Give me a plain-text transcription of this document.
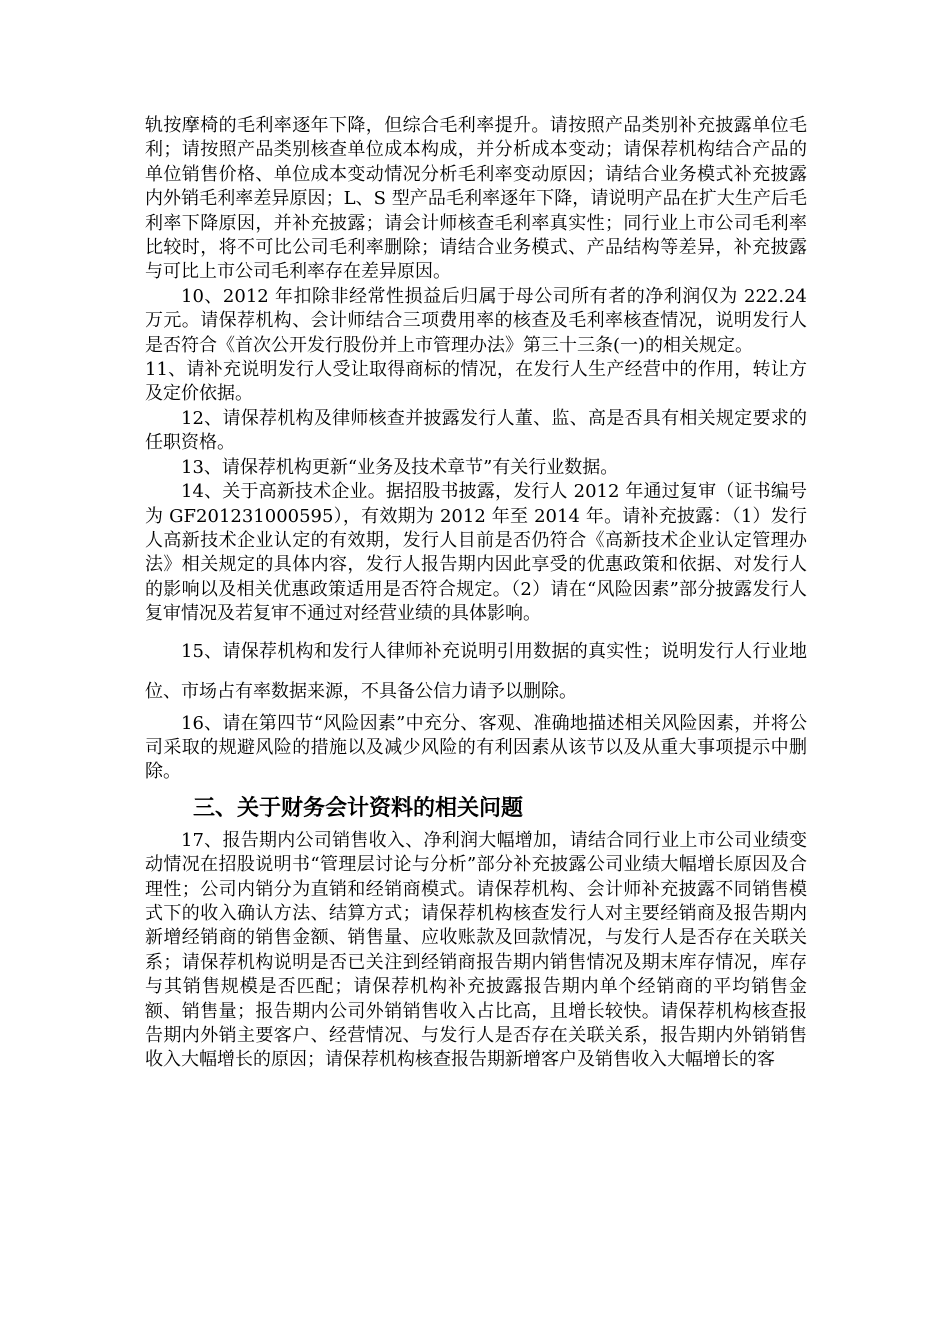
轨按摩椅的毛利率逐年下降，但综合毛利率提升。请按照产品类别补充披露单位毛利；请按照产品类别核查单位成本构成，并分析成本变动；请保荐机构结合产品的单位销售价格、单位成本变动情况分析毛利率变动原因；请结合业务模式补充披露内外销毛利率差异原因；L、S 型产品毛利率逐年下降，请说明产品在扩大生产后毛利率下降原因，并补充披露；请会计师核查毛利率真实性；同行业上市公司毛利率比较时，将不可比公司毛利率删除；请结合业务模式、产品结构等差异，补充披露与可比上市公司毛利率存在差异原因。

10、2012 年扣除非经常性损益后归属于母公司所有者的净利润仅为 222.24 万元。请保荐机构、会计师结合三项费用率的核查及毛利率核查情况，说明发行人是否符合《首次公开发行股份并上市管理办法》第三十三条(一)的相关规定。

11、请补充说明发行人受让取得商标的情况，在发行人生产经营中的作用，转让方及定价依据。

12、请保荐机构及律师核查并披露发行人董、监、高是否具有相关规定要求的任职资格。

13、请保荐机构更新“业务及技术章节”有关行业数据。

14、关于高新技术企业。据招股书披露，发行人 2012 年通过复审（证书编号为 GF201231000595），有效期为 2012 年至 2014 年。请补充披露：（1）发行人高新技术企业认定的有效期，发行人目前是否仍符合《高新技术企业认定管理办法》相关规定的具体内容，发行人报告期内因此享受的优惠政策和依据、对发行人的影响以及相关优惠政策适用是否符合规定。（2）请在“风险因素”部分披露发行人复审情况及若复审不通过对经营业绩的具体影响。

15、请保荐机构和发行人律师补充说明引用数据的真实性；说明发行人行业地位、市场占有率数据来源，不具备公信力请予以删除。

16、请在第四节“风险因素”中充分、客观、准确地描述相关风险因素，并将公司采取的规避风险的措施以及减少风险的有利因素从该节以及从重大事项提示中删除。

三、关于财务会计资料的相关问题

17、报告期内公司销售收入、净利润大幅增加，请结合同行业上市公司业绩变动情况在招股说明书“管理层讨论与分析”部分补充披露公司业绩大幅增长原因及合理性；公司内销分为直销和经销商模式。请保荐机构、会计师补充披露不同销售模式下的收入确认方法、结算方式；请保荐机构核查发行人对主要经销商及报告期内新增经销商的销售金额、销售量、应收账款及回款情况，与发行人是否存在关联关系；请保荐机构说明是否已关注到经销商报告期内销售情况及期末库存情况，库存与其销售规模是否匹配；请保荐机构补充披露报告期内单个经销商的平均销售金额、销售量；报告期内公司外销销售收入占比高，且增长较快。请保荐机构核查报告期内外销主要客户、经营情况、与发行人是否存在关联关系，报告期内外销销售收入大幅增长的原因；请保荐机构核查报告期新增客户及销售收入大幅增长的客
